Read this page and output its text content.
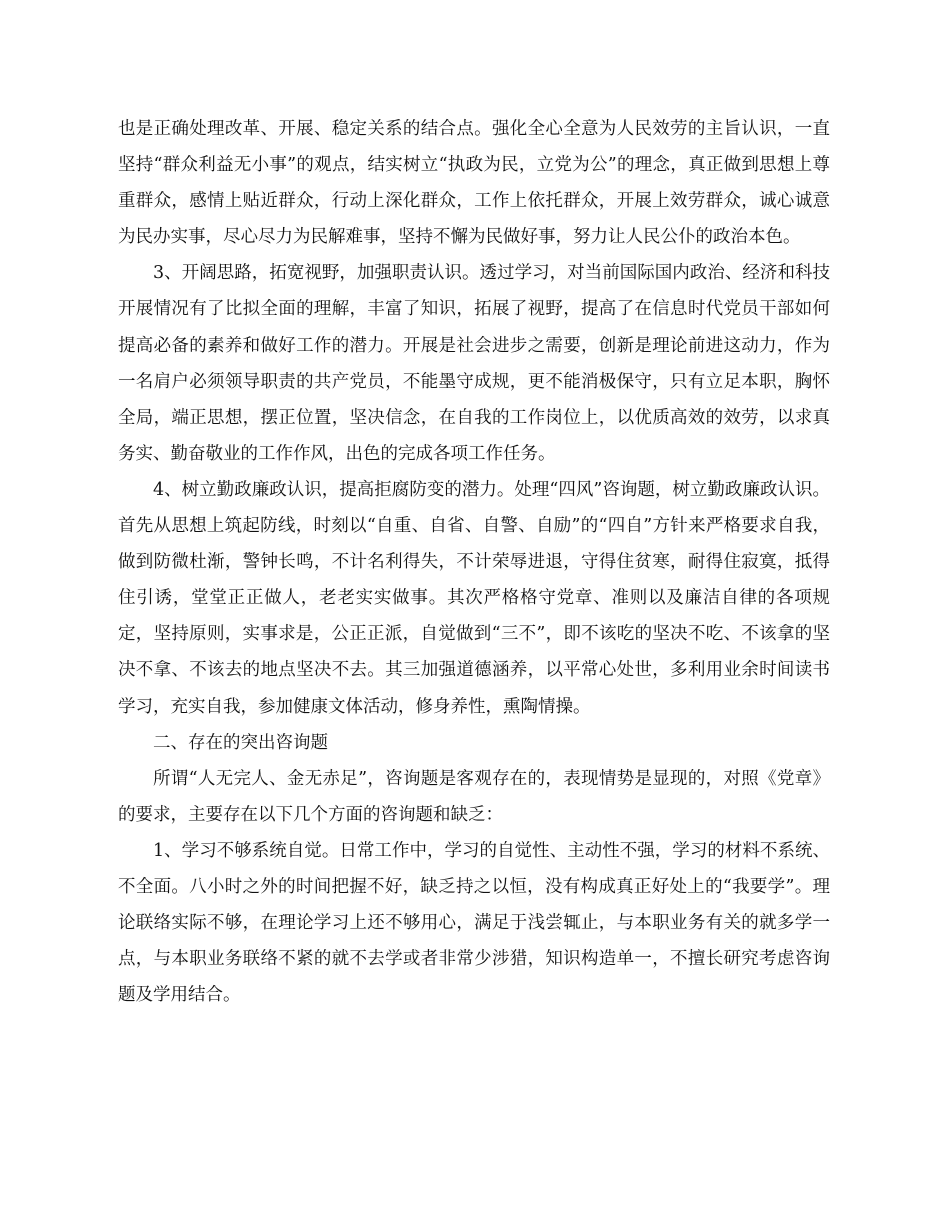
也是正确处理改革、开展、稳定关系的结合点。强化全心全意为人民效劳的主旨认识，一直坚持“群众利益无小事”的观点，结实树立“执政为民，立党为公”的理念，真正做到思想上尊重群众，感情上贴近群众，行动上深化群众，工作上依托群众，开展上效劳群众，诚心诚意为民办实事，尽心尽力为民解难事，坚持不懈为民做好事，努力让人民公仆的政治本色。

3、开阔思路，拓宽视野，加强职责认识。透过学习，对当前国际国内政治、经济和科技开展情况有了比拟全面的理解，丰富了知识，拓展了视野，提高了在信息时代党员干部如何提高必备的素养和做好工作的潜力。开展是社会进步之需要，创新是理论前进这动力，作为一名肩户必须领导职责的共产党员，不能墨守成规，更不能消极保守，只有立足本职，胸怀全局，端正思想，摆正位置，坚决信念，在自我的工作岗位上，以优质高效的效劳，以求真务实、勤奋敬业的工作作风，出色的完成各项工作任务。

4、树立勤政廉政认识，提高拒腐防变的潜力。处理“四风”咨询题，树立勤政廉政认识。首先从思想上筑起防线，时刻以“自重、自省、自警、自励”的“四自”方针来严格要求自我，做到防微杜渐，警钟长鸣，不计名利得失，不计荣辱进退，守得住贫寒，耐得住寂寞，抵得住引诱，堂堂正正做人，老老实实做事。其次严格格守党章、准则以及廉洁自律的各项规定，坚持原则，实事求是，公正正派，自觉做到“三不”，即不该吃的坚决不吃、不该拿的坚决不拿、不该去的地点坚决不去。其三加强道德涵养，以平常心处世，多利用业余时间读书学习，充实自我，参加健康文体活动，修身养性，熏陶情操。

二、存在的突出咨询题

所谓“人无完人、金无赤足”，咨询题是客观存在的，表现情势是显现的，对照《党章》的要求，主要存在以下几个方面的咨询题和缺乏：

1、学习不够系统自觉。日常工作中，学习的自觉性、主动性不强，学习的材料不系统、不全面。八小时之外的时间把握不好，缺乏持之以恒，没有构成真正好处上的“我要学”。理论联络实际不够，在理论学习上还不够用心，满足于浅尝辄止，与本职业务有关的就多学一点，与本职业务联络不紧的就不去学或者非常少涉猎，知识构造单一，不擅长研究考虑咨询题及学用结合。
